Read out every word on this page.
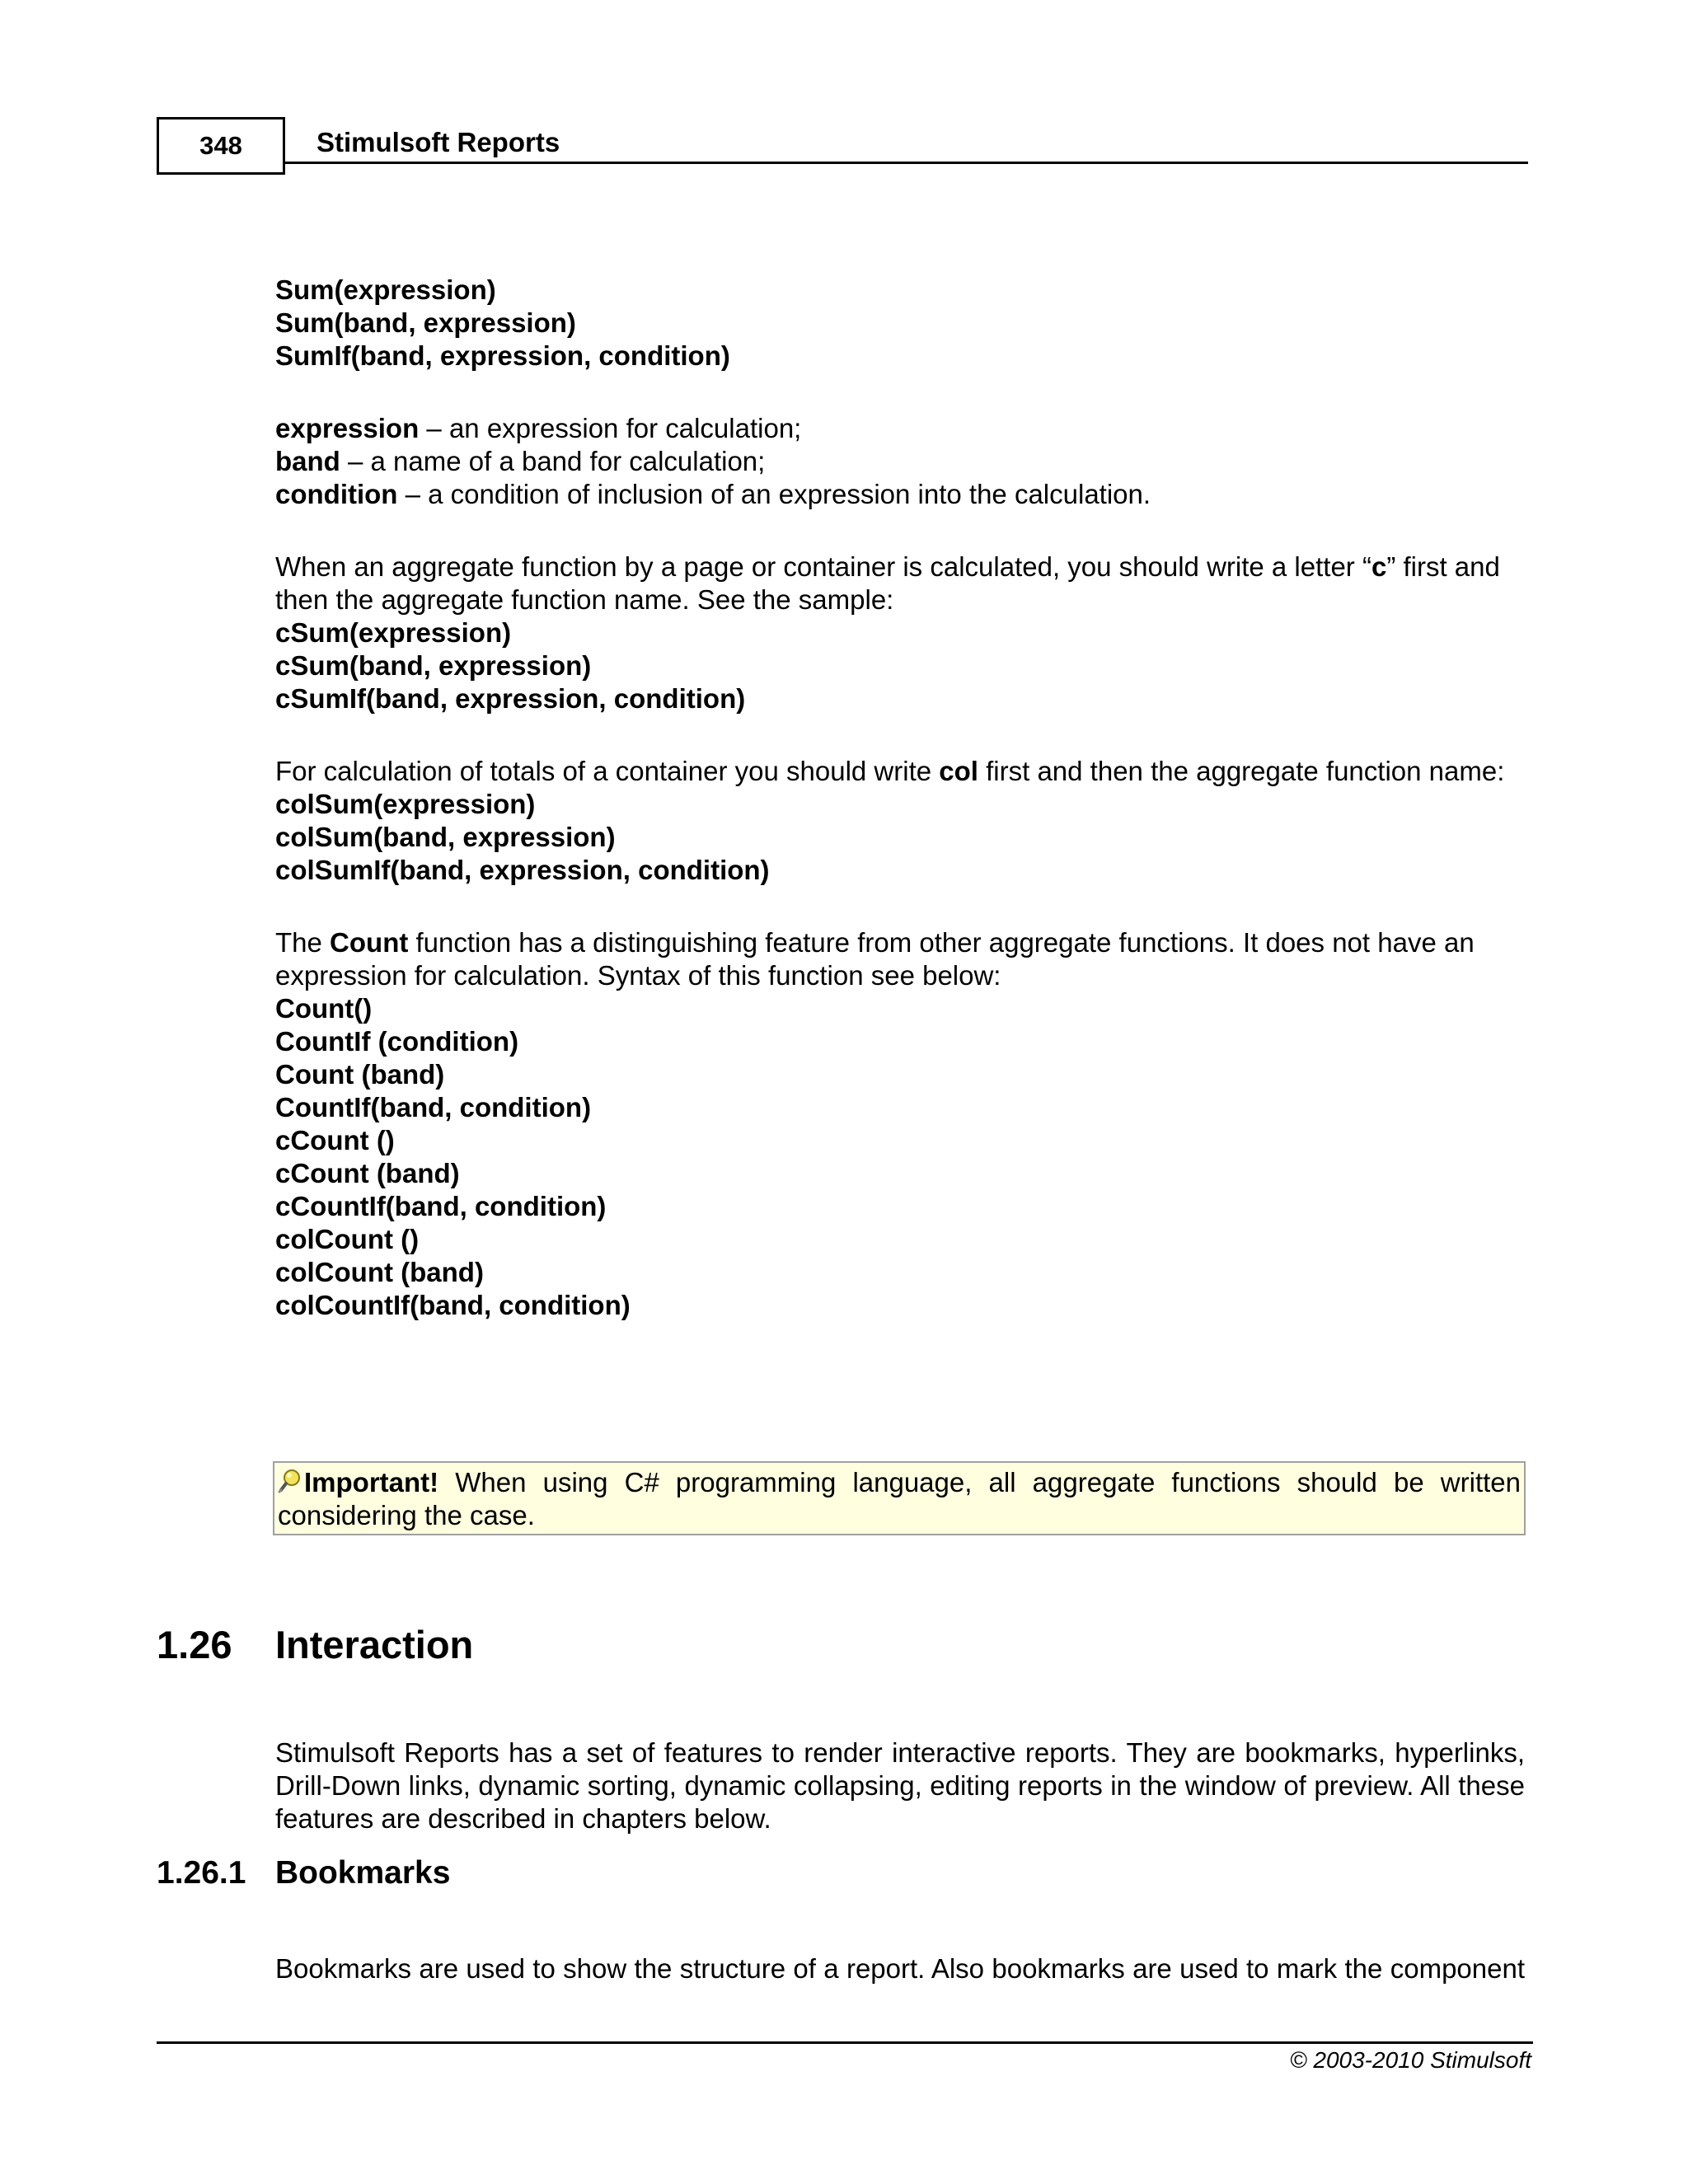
348	Stimulsoft Reports
Sum(expression)
Sum(band, expression)
SumIf(band, expression, condition)
expression – an expression for calculation;
band – a name of a band for calculation;
condition – a condition of inclusion of an expression into the calculation.
When an aggregate function by a page or container is calculated, you should write a letter “c” first and then the aggregate function name. See the sample:
cSum(expression)
cSum(band, expression)
cSumIf(band, expression, condition)
For calculation of totals of a container you should write col first and then the aggregate function name:
colSum(expression)
colSum(band, expression)
colSumIf(band, expression, condition)
The Count function has a distinguishing feature from other aggregate functions. It does not have an expression for calculation. Syntax of this function see below:
Count()
CountIf (condition)
Count (band)
CountIf(band, condition)
cCount ()
cCount (band)
cCountIf(band, condition)
colCount ()
colCount (band)
colCountIf(band, condition)
Important! When using C# programming language, all aggregate functions should be written considering the case.
1.26	Interaction
Stimulsoft Reports has a set of features to render interactive reports. They are bookmarks, hyperlinks, Drill-Down links, dynamic sorting, dynamic collapsing, editing reports in the window of preview. All these features are described in chapters below.
1.26.1 Bookmarks
Bookmarks are used to show the structure of a report. Also bookmarks are used to mark the component
© 2003-2010 Stimulsoft
